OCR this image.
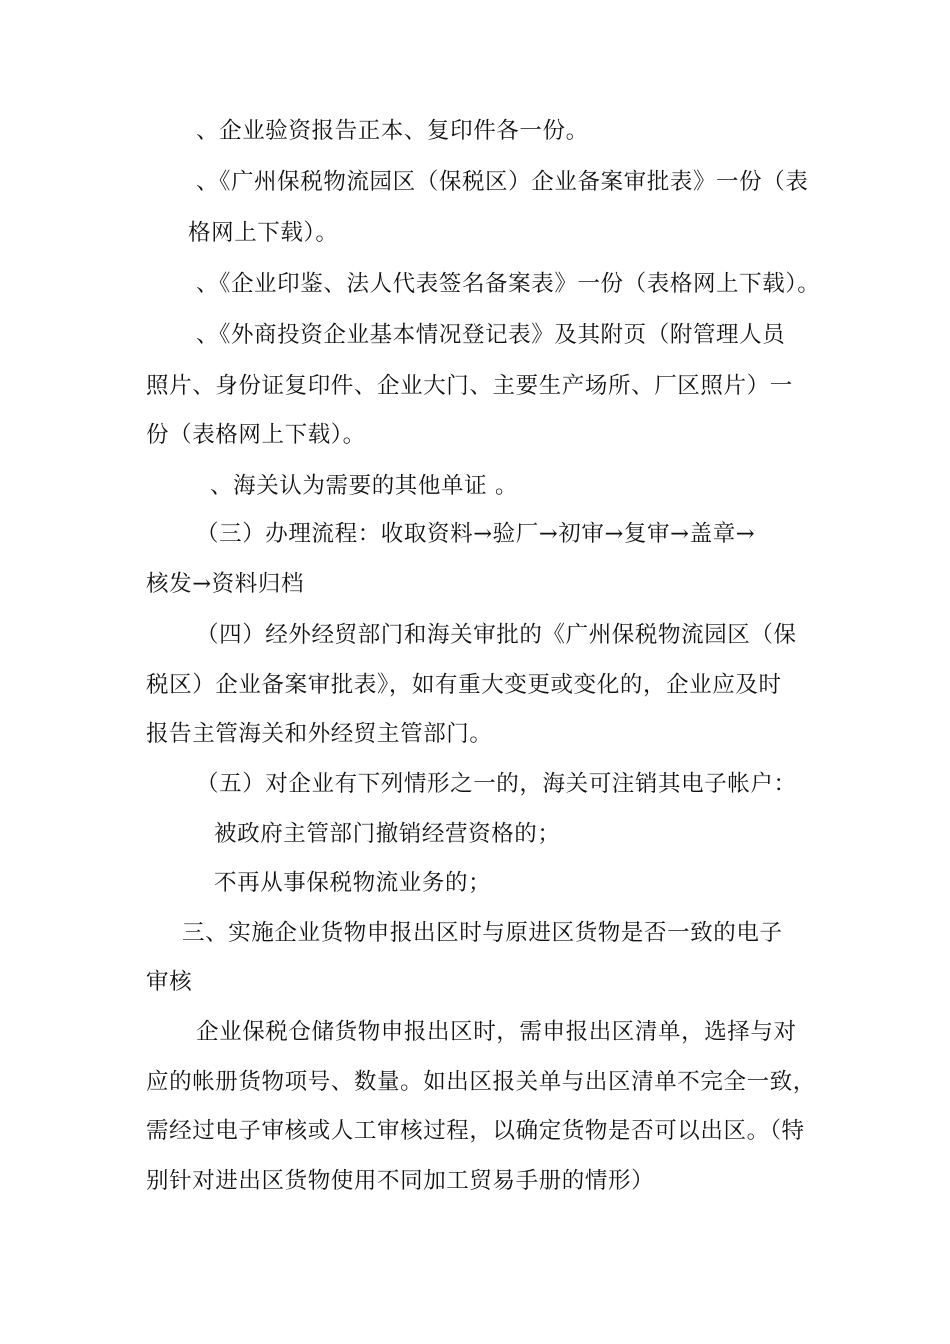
、企业验资报告正本、复印件各一份。
、《广州保税物流园区（保税区）企业备案审批表》一份（表
格网上下载）。
、《企业印鉴、法人代表签名备案表》一份（表格网上下载）。
、《外商投资企业基本情况登记表》及其附页（附管理人员
照片、身份证复印件、企业大门、主要生产场所、厂区照片）一
份（表格网上下载）。
、海关认为需要的其他单证 。
（三）办理流程：收取资料→验厂→初审→复审→盖章→
核发→资料归档
（四）经外经贸部门和海关审批的《广州保税物流园区（保
税区）企业备案审批表》，如有重大变更或变化的，企业应及时
报告主管海关和外经贸主管部门。
（五）对企业有下列情形之一的，海关可注销其电子帐户：
被政府主管部门撤销经营资格的；
不再从事保税物流业务的；
三、实施企业货物申报出区时与原进区货物是否一致的电子
审核
企业保税仓储货物申报出区时，需申报出区清单，选择与对
应的帐册货物项号、数量。如出区报关单与出区清单不完全一致，
需经过电子审核或人工审核过程，以确定货物是否可以出区。（特
别针对进出区货物使用不同加工贸易手册的情形）
